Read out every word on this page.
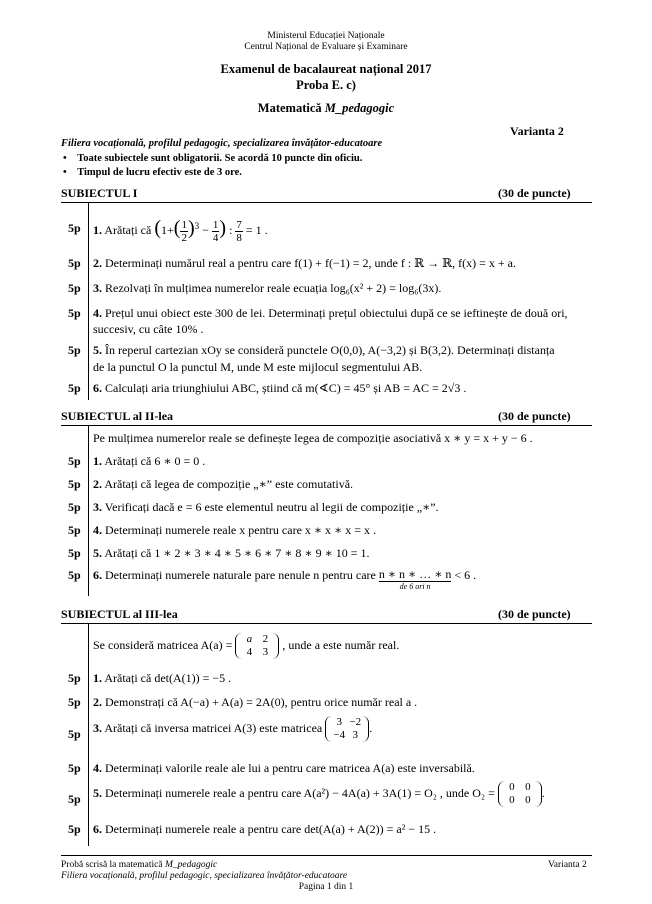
Ministerul Educației Naționale
Centrul Național de Evaluare și Examinare
Examenul de bacalaureat național 2017
Proba E. c)
Matematică M_pedagogic
Varianta 2
Filiera vocațională, profilul pedagogic, specializarea învățător-educatoare
•    Toate subiectele sunt obligatorii. Se acordă 10 puncte din oficiu.
•    Timpul de lucru efectiv este de 3 ore.
SUBIECTUL I	(30 de puncte)
5p 1. Arătați că ($1+( \frac{1}{2} )^3 - \frac{1}{4}$ ) : $\frac{7}{8} = 1$ .
5p 2. Determinați numărul real a pentru care f(1) + f(−1) = 2, unde f : ℝ → ℝ, f(x) = x + a.
5p 3. Rezolvați în mulțimea numerelor reale ecuația log₆(x² + 2) = log₆(3x).
5p 4. Prețul unui obiect este 300 de lei. Determinați prețul obiectului după ce se ieftinește de două ori,
succesiv, cu câte 10% .
5p 5. În reperul cartezian xOy se consideră punctele O(0,0), A(−3,2) și B(3,2). Determinați distanța
de la punctul O la punctul M, unde M este mijlocul segmentului AB.
5p 6. Calculați aria triunghiului ABC, știind că m(∢C) = 45° și AB = AC = 2√3 .
SUBIECTUL al II-lea	(30 de puncte)
Pe mulțimea numerelor reale se definește legea de compoziție asociativă x ∗ y = x + y − 6 .
5p 1. Arătați că 6 ∗ 0 = 0 .
5p 2. Arătați că legea de compoziție „∗” este comutativă.
5p 3. Verificați dacă e = 6 este elementul neutru al legii de compoziție „∗”.
5p 4. Determinați numerele reale x pentru care x ∗ x ∗ x = x .
5p 5. Arătați că 1 ∗ 2 ∗ 3 ∗ 4 ∗ 5 ∗ 6 ∗ 7 ∗ 8 ∗ 9 ∗ 10 = 1.
5p 6. Determinați numerele naturale pare nenule n pentru care n ∗ n ∗ … ∗ n
de 6 ori n
< 6 .
SUBIECTUL al III-lea	(30 de puncte)
Se consideră matricea A(a) = a 2
4 3 , unde a este număr real.
5p 1. Arătați că det(A(1)) = −5 .
5p 2. Demonstrați că A(−a) + A(a) = 2A(0), pentru orice număr real a .
5p 3. Arătați că inversa matricei A(3) este matricea 3 −2
−4 3.
5p 4. Determinați valorile reale ale lui a pentru care matricea A(a) este inversabilă.
5p 5. Determinați numerele reale a pentru care A(a²) − 4A(a) + 3A(1) = O₂ , unde O₂ = 0 0
0 0.
5p 6. Determinați numerele reale a pentru care det(A(a) + A(2)) = a² − 15 .
Probă scrisă la matematică M_pedagogic	Varianta 2
Filiera vocațională, profilul pedagogic, specializarea învățător-educatoare
Pagina 1 din 1
